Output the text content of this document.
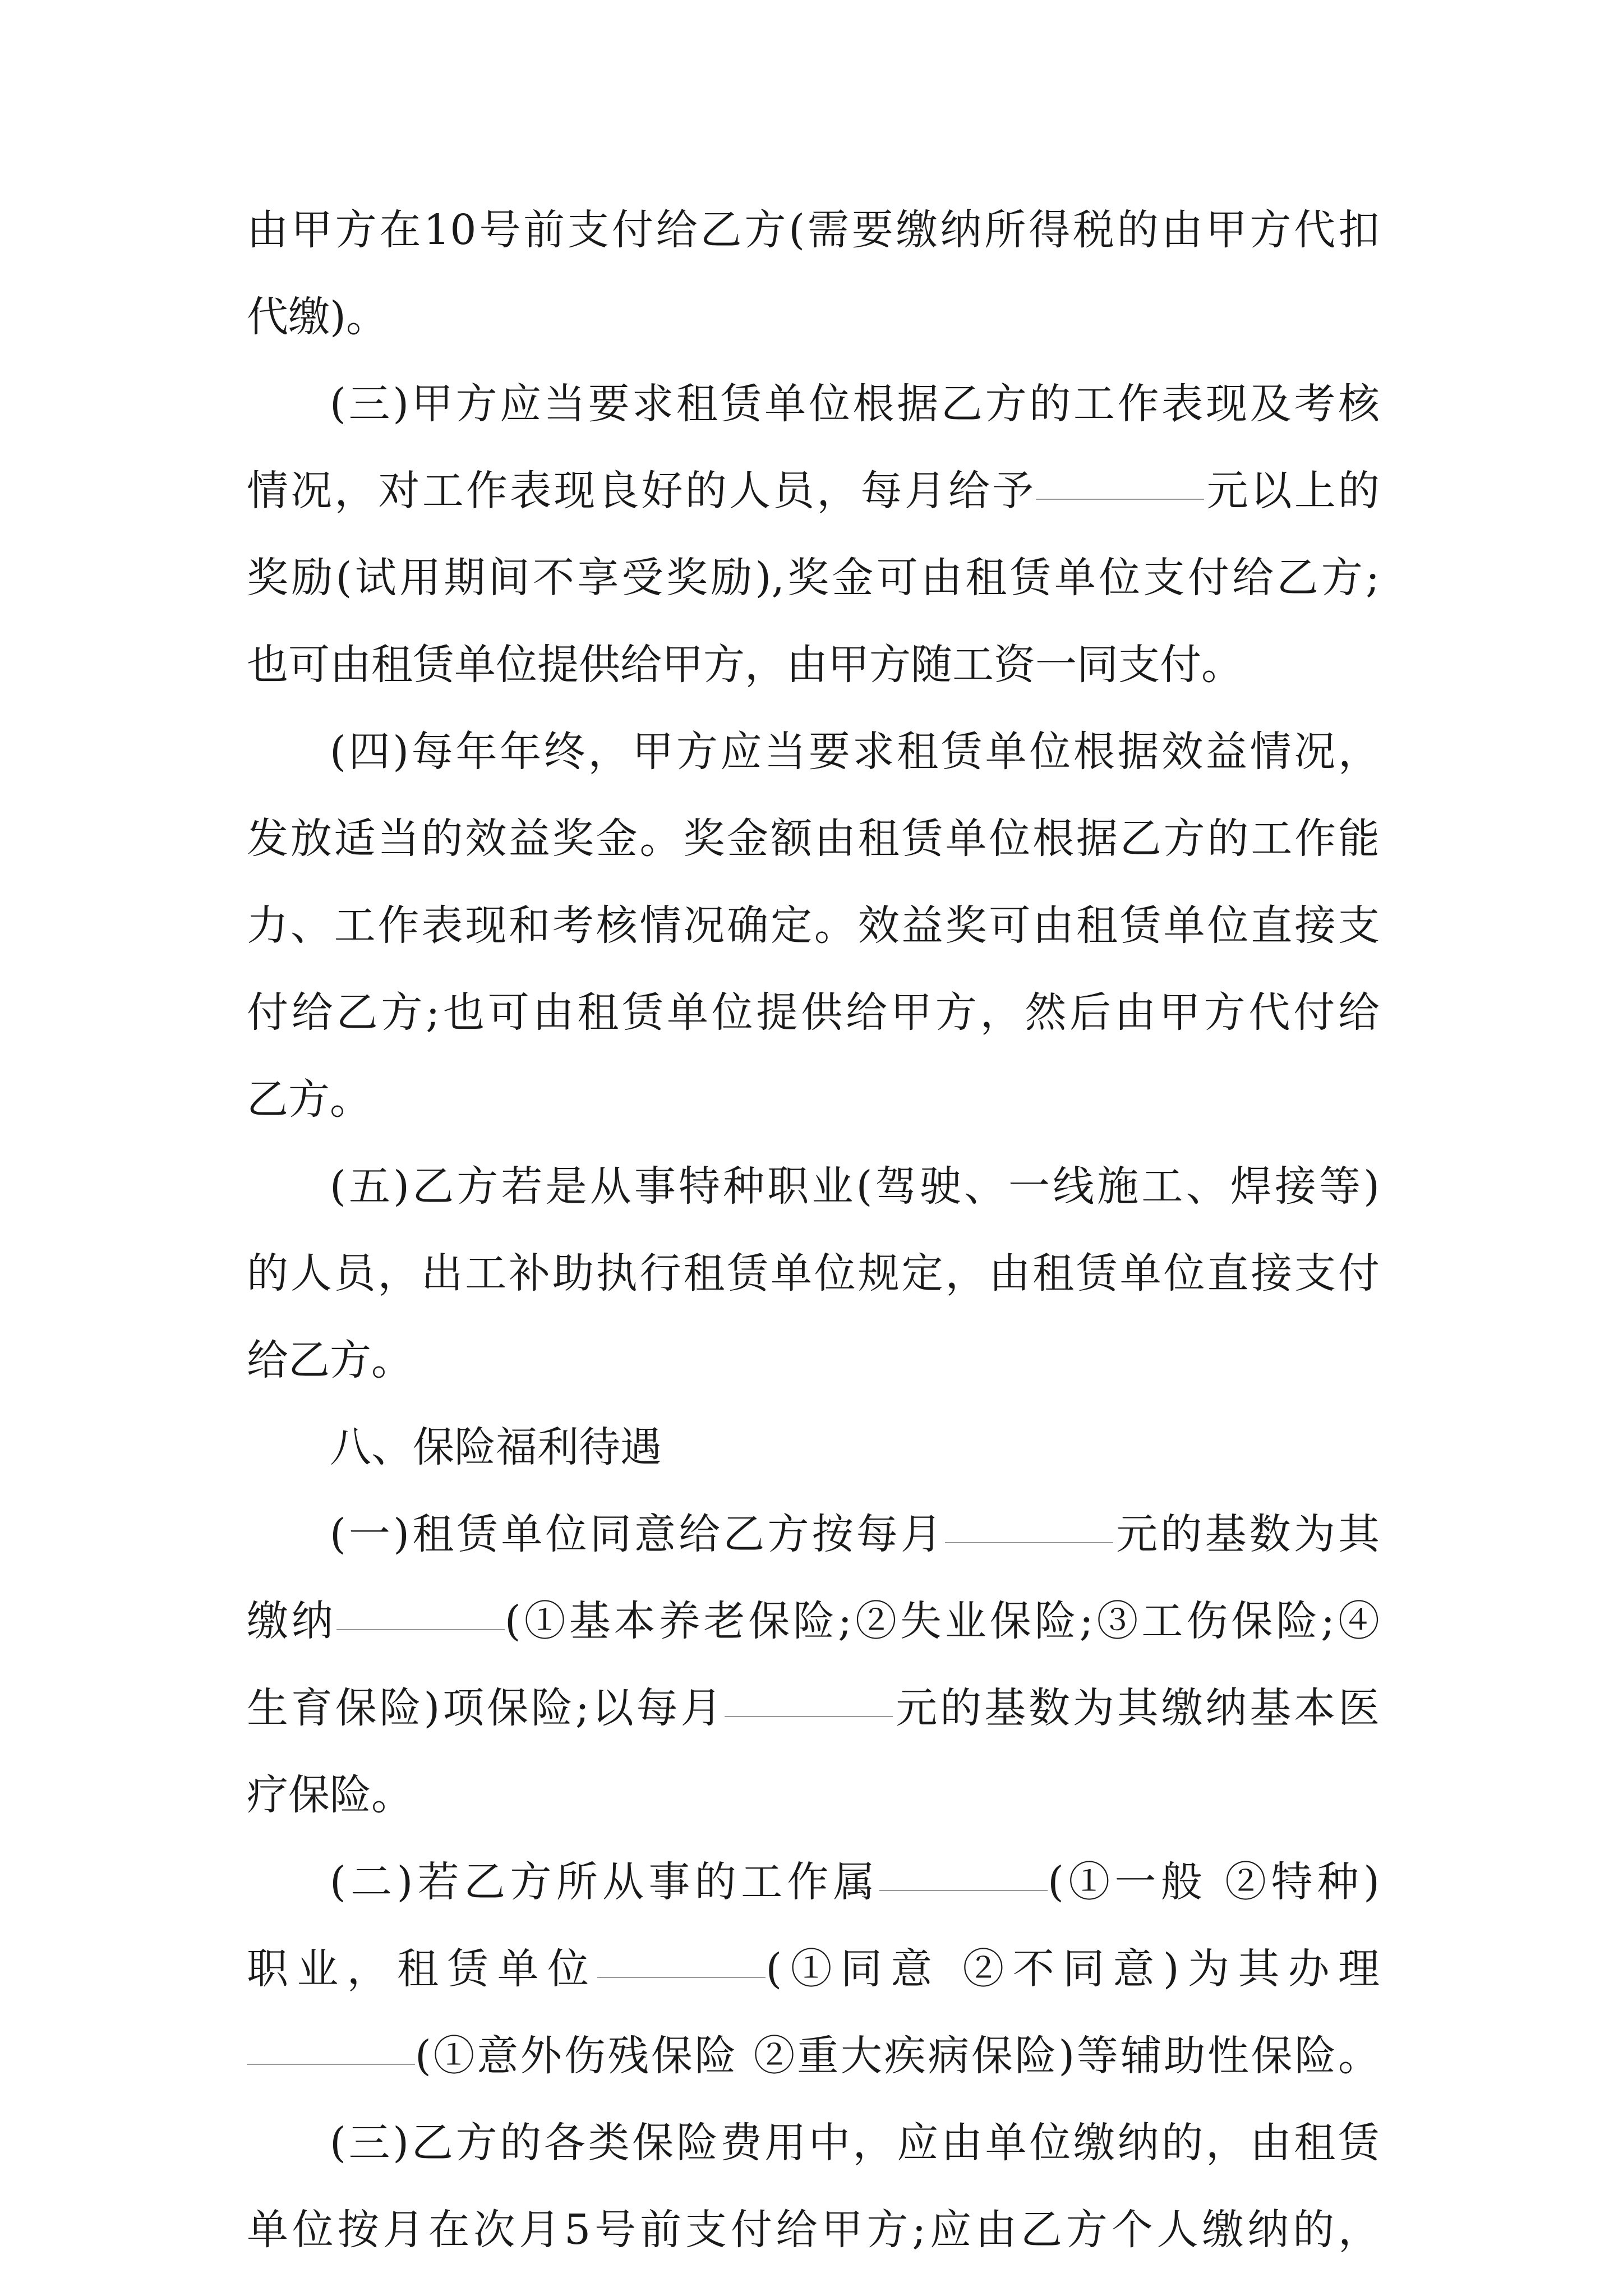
由甲方在10号前支付给乙方(需要缴纳所得税的由甲方代扣
代缴)。
(三)甲方应当要求租赁单位根据乙方的工作表现及考核
情况，对工作表现良好的人员，每月给予	元以上的
奖励(试用期间不享受奖励),奖金可由租赁单位支付给乙方;
也可由租赁单位提供给甲方，由甲方随工资一同支付。
(四)每年年终，甲方应当要求租赁单位根据效益情况，
发放适当的效益奖金。奖金额由租赁单位根据乙方的工作能
力、工作表现和考核情况确定。效益奖可由租赁单位直接支
付给乙方;也可由租赁单位提供给甲方，然后由甲方代付给
乙方。
(五)乙方若是从事特种职业(驾驶、一线施工、焊接等)
的人员，出工补助执行租赁单位规定，由租赁单位直接支付
给乙方。
八、保险福利待遇
(一)租赁单位同意给乙方按每月	元的基数为其
缴纳	(①基本养老保险;②失业保险;③工伤保险;④
生育保险)项保险;以每月	元的基数为其缴纳基本医
疗保险。
(二)若乙方所从事的工作属	(①一般 ②特种)
职业，租赁单位	(①同意 ②不同意)为其办理
(①意外伤残保险 ②重大疾病保险)等辅助性保险。
(三)乙方的各类保险费用中，应由单位缴纳的，由租赁
单位按月在次月5号前支付给甲方;应由乙方个人缴纳的，
